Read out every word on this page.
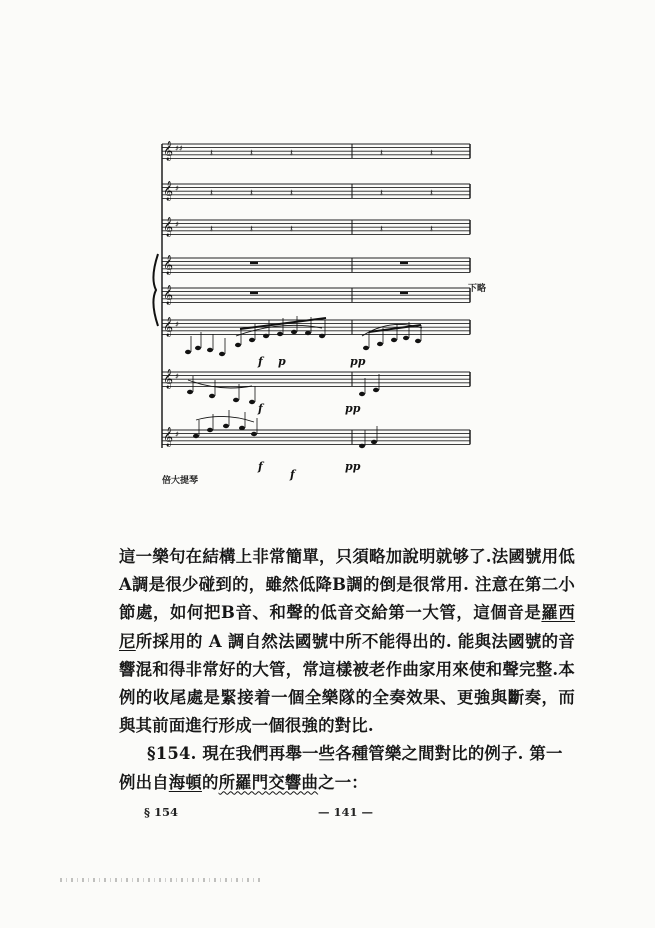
𝄞 ♯♯
𝄞 ♯
𝄞 ♯
𝄞
𝄞
𝄞 ♯
𝄞 ♯
𝄞 ♯
𝄽	𝄽	𝄽	𝄽	𝄽
𝄽	𝄽	𝄽	𝄽	𝄽
𝄽	𝄽	𝄽	𝄽	𝄽
f p	pp
f	pp
f	pp
f
下略
倍大提琴

這一樂句在結構上非常簡單，只須略加說明就够了.法國號用低A調是很少碰到的，雖然低降B調的倒是很常用. 注意在第二小節處，如何把B音、和聲的低音交給第一大管，這個音是羅西尼所採用的 A 調自然法國號中所不能得出的. 能與法國號的音響混和得非常好的大管，常這樣被老作曲家用來使和聲完整.本例的收尾處是緊接着一個全樂隊的全奏效果、更強與斷奏，而與其前面進行形成一個很強的對比.

§154. 現在我們再舉一些各種管樂之間對比的例子. 第一例出自海頓的所羅門交響曲之一：

§ 154	— 141 —
